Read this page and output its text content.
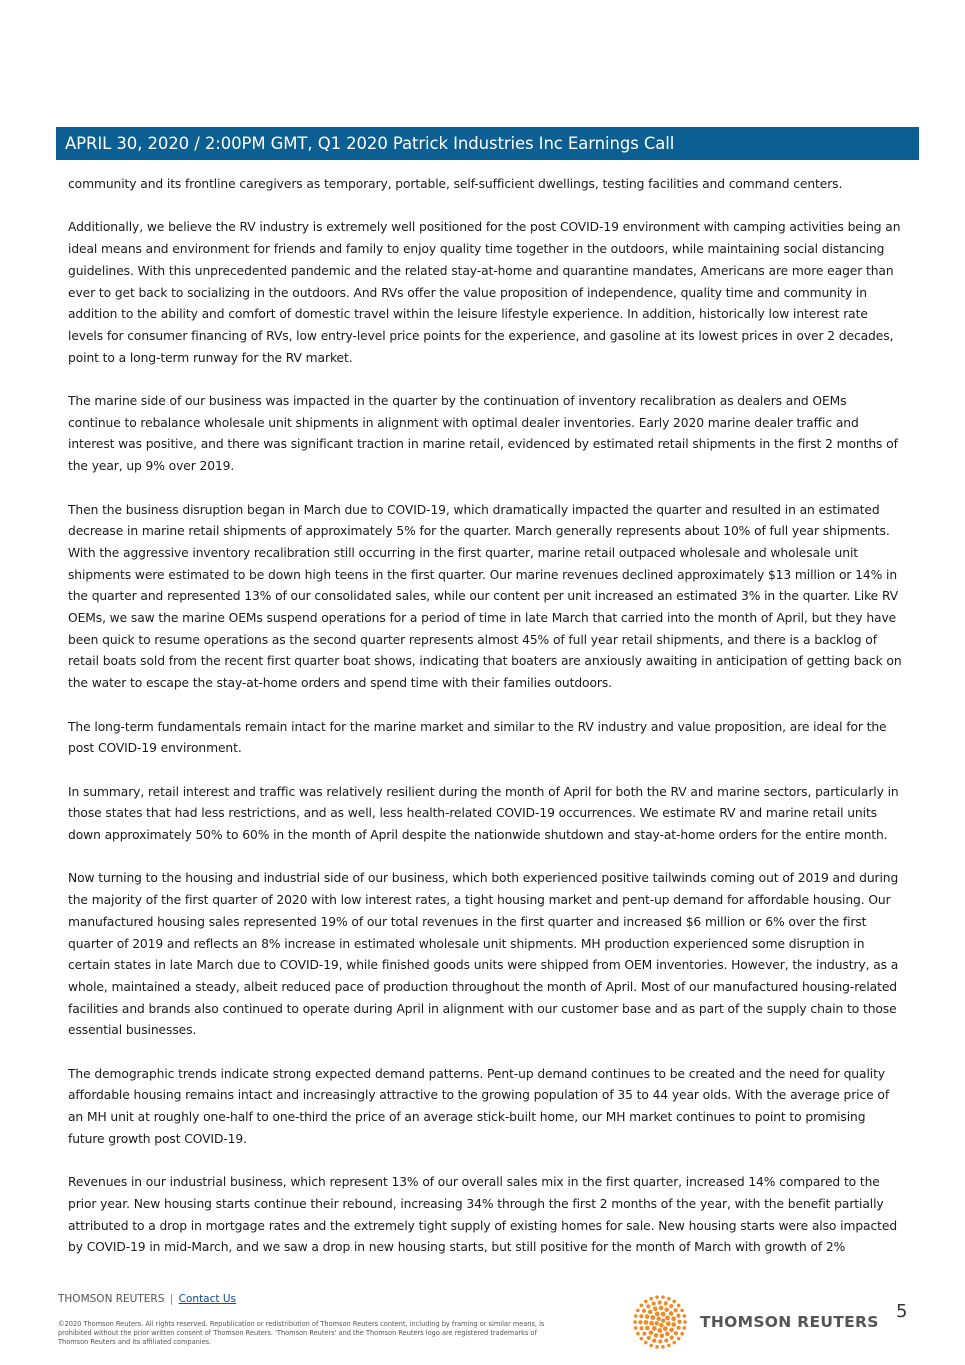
APRIL 30, 2020 / 2:00PM GMT, Q1 2020 Patrick Industries Inc Earnings Call

community and its frontline caregivers as temporary, portable, self-sufficient dwellings, testing facilities and command centers.

Additionally, we believe the RV industry is extremely well positioned for the post COVID-19 environment with camping activities being an ideal means and environment for friends and family to enjoy quality time together in the outdoors, while maintaining social distancing guidelines. With this unprecedented pandemic and the related stay-at-home and quarantine mandates, Americans are more eager than ever to get back to socializing in the outdoors. And RVs offer the value proposition of independence, quality time and community in addition to the ability and comfort of domestic travel within the leisure lifestyle experience. In addition, historically low interest rate levels for consumer financing of RVs, low entry-level price points for the experience, and gasoline at its lowest prices in over 2 decades, point to a long-term runway for the RV market.

The marine side of our business was impacted in the quarter by the continuation of inventory recalibration as dealers and OEMs continue to rebalance wholesale unit shipments in alignment with optimal dealer inventories. Early 2020 marine dealer traffic and interest was positive, and there was significant traction in marine retail, evidenced by estimated retail shipments in the first 2 months of the year, up 9% over 2019.

Then the business disruption began in March due to COVID-19, which dramatically impacted the quarter and resulted in an estimated decrease in marine retail shipments of approximately 5% for the quarter. March generally represents about 10% of full year shipments. With the aggressive inventory recalibration still occurring in the first quarter, marine retail outpaced wholesale and wholesale unit shipments were estimated to be down high teens in the first quarter. Our marine revenues declined approximately $13 million or 14% in the quarter and represented 13% of our consolidated sales, while our content per unit increased an estimated 3% in the quarter. Like RV OEMs, we saw the marine OEMs suspend operations for a period of time in late March that carried into the month of April, but they have been quick to resume operations as the second quarter represents almost 45% of full year retail shipments, and there is a backlog of retail boats sold from the recent first quarter boat shows, indicating that boaters are anxiously awaiting in anticipation of getting back on the water to escape the stay-at-home orders and spend time with their families outdoors.

The long-term fundamentals remain intact for the marine market and similar to the RV industry and value proposition, are ideal for the post COVID-19 environment.

In summary, retail interest and traffic was relatively resilient during the month of April for both the RV and marine sectors, particularly in those states that had less restrictions, and as well, less health-related COVID-19 occurrences. We estimate RV and marine retail units down approximately 50% to 60% in the month of April despite the nationwide shutdown and stay-at-home orders for the entire month.

Now turning to the housing and industrial side of our business, which both experienced positive tailwinds coming out of 2019 and during the majority of the first quarter of 2020 with low interest rates, a tight housing market and pent-up demand for affordable housing. Our manufactured housing sales represented 19% of our total revenues in the first quarter and increased $6 million or 6% over the first quarter of 2019 and reflects an 8% increase in estimated wholesale unit shipments. MH production experienced some disruption in certain states in late March due to COVID-19, while finished goods units were shipped from OEM inventories. However, the industry, as a whole, maintained a steady, albeit reduced pace of production throughout the month of April. Most of our manufactured housing-related facilities and brands also continued to operate during April in alignment with our customer base and as part of the supply chain to those essential businesses.

The demographic trends indicate strong expected demand patterns. Pent-up demand continues to be created and the need for quality affordable housing remains intact and increasingly attractive to the growing population of 35 to 44 year olds. With the average price of an MH unit at roughly one-half to one-third the price of an average stick-built home, our MH market continues to point to promising future growth post COVID-19.

Revenues in our industrial business, which represent 13% of our overall sales mix in the first quarter, increased 14% compared to the prior year. New housing starts continue their rebound, increasing 34% through the first 2 months of the year, with the benefit partially attributed to a drop in mortgage rates and the extremely tight supply of existing homes for sale. New housing starts were also impacted by COVID-19 in mid-March, and we saw a drop in new housing starts, but still positive for the month of March with growth of 2%

THOMSON REUTERS | Contact Us
©2020 Thomson Reuters. All rights reserved. Republication or redistribution of Thomson Reuters content, including by framing or similar means, is prohibited without the prior written consent of Thomson Reuters. 'Thomson Reuters' and the Thomson Reuters logo are registered trademarks of Thomson Reuters and its affiliated companies.
THOMSON REUTERS 5
